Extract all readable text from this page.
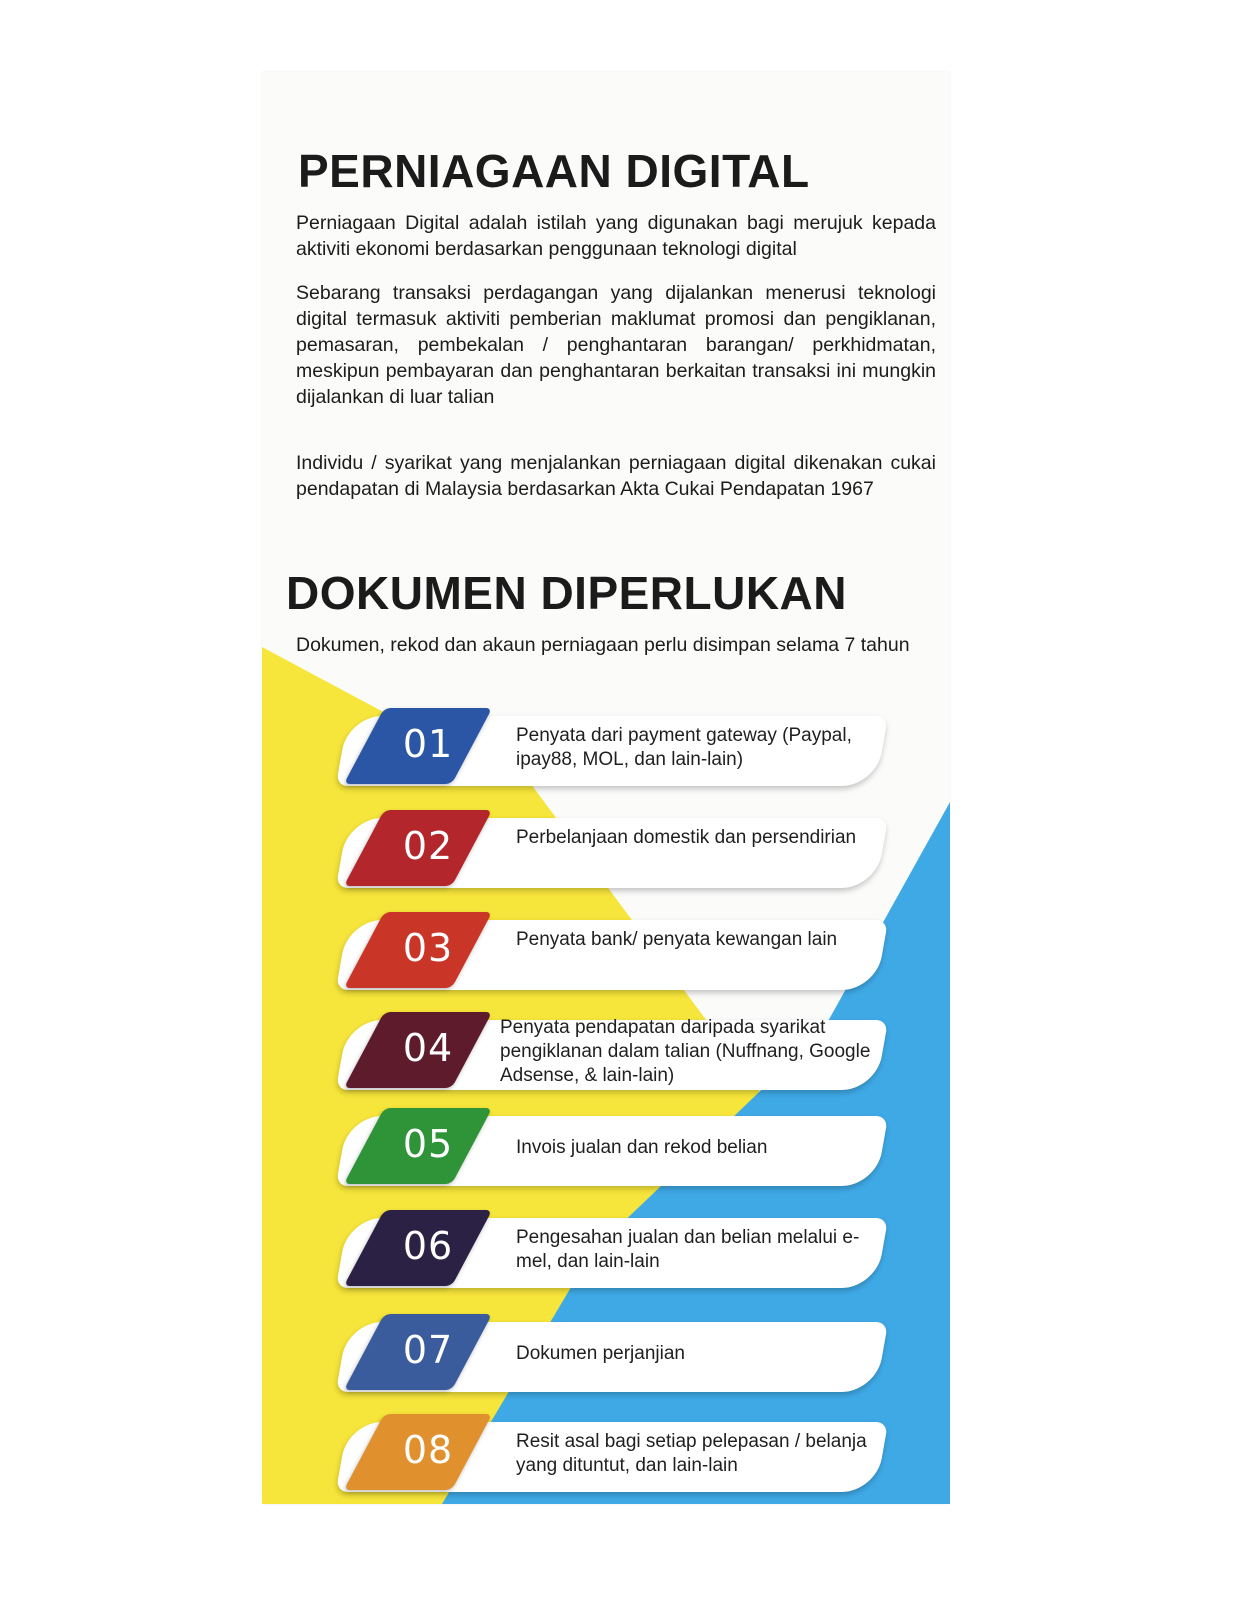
PERNIAGAAN DIGITAL

Perniagaan Digital adalah istilah yang digunakan bagi merujuk kepada aktiviti ekonomi berdasarkan penggunaan teknologi digital

Sebarang transaksi perdagangan yang dijalankan menerusi teknologi digital termasuk aktiviti pemberian maklumat promosi dan pengiklanan, pemasaran, pembekalan / penghantaran barangan/ perkhidmatan, meskipun pembayaran dan penghantaran berkaitan transaksi ini mungkin dijalankan di luar talian

Individu / syarikat yang menjalankan perniagaan digital dikenakan cukai pendapatan di Malaysia berdasarkan Akta Cukai Pendapatan 1967

DOKUMEN DIPERLUKAN

Dokumen, rekod dan akaun perniagaan perlu disimpan selama 7 tahun

01	Penyata dari payment gateway (Paypal, ipay88, MOL, dan lain-lain)
02	Perbelanjaan domestik dan persendirian
03	Penyata bank/ penyata kewangan lain
04	Penyata pendapatan daripada syarikat pengiklanan dalam talian (Nuffnang, Google Adsense, & lain-lain)
05	Invois jualan dan rekod belian
06	Pengesahan jualan dan belian melalui e-mel, dan lain-lain
07	Dokumen perjanjian
08	Resit asal bagi setiap pelepasan / belanja yang dituntut, dan lain-lain
